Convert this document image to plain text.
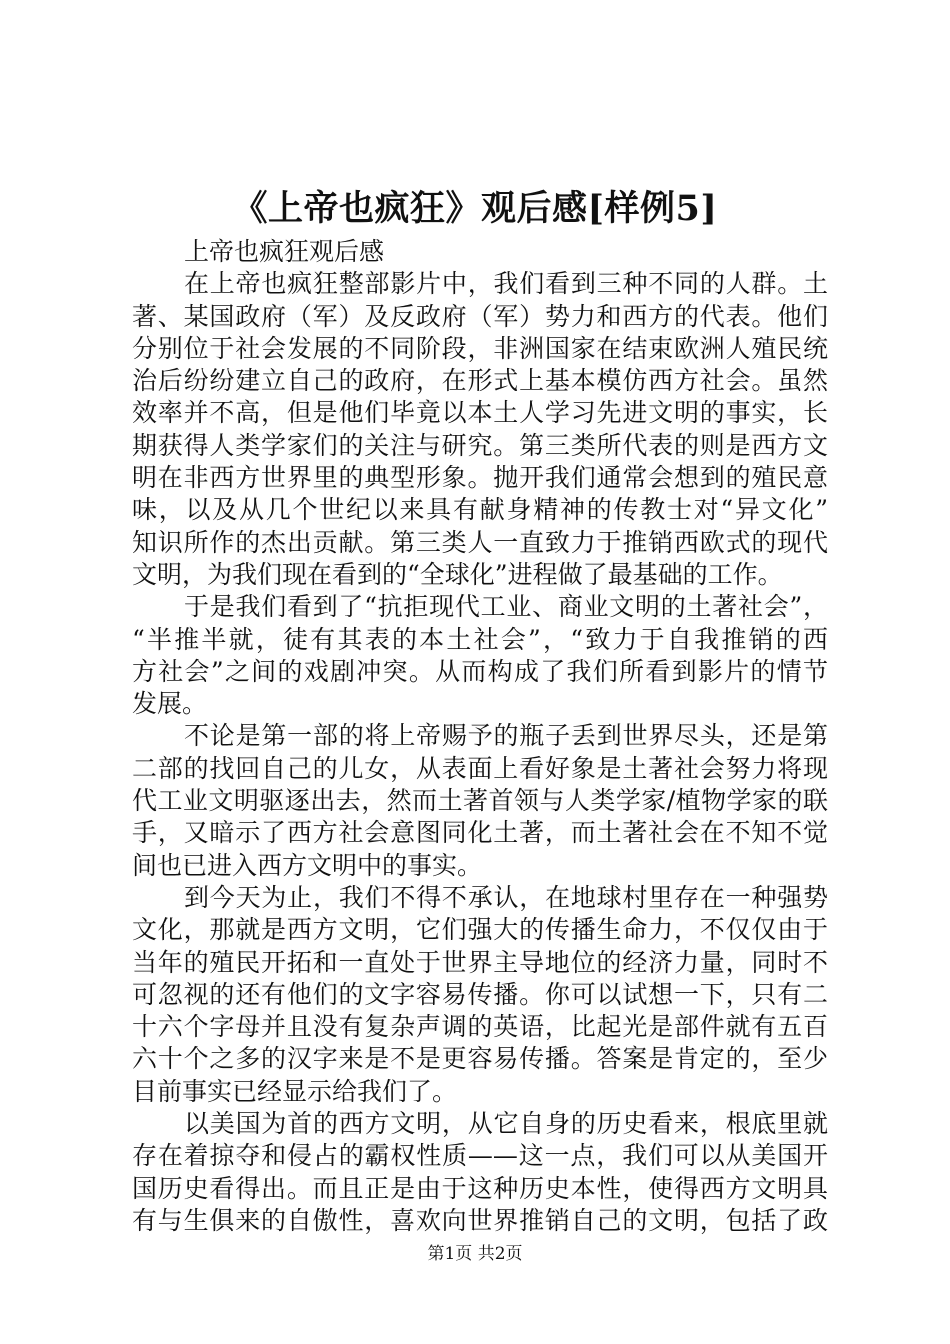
《上帝也疯狂》观后感[样例5]
上帝也疯狂观后感
在上帝也疯狂整部影片中，我们看到三种不同的人群。土
著、某国政府（军）及反政府（军）势力和西方的代表。他们
分别位于社会发展的不同阶段，非洲国家在结束欧洲人殖民统
治后纷纷建立自己的政府，在形式上基本模仿西方社会。虽然
效率并不高，但是他们毕竟以本土人学习先进文明的事实，长
期获得人类学家们的关注与研究。第三类所代表的则是西方文
明在非西方世界里的典型形象。抛开我们通常会想到的殖民意
味，以及从几个世纪以来具有献身精神的传教士对“异文化”
知识所作的杰出贡献。第三类人一直致力于推销西欧式的现代
文明，为我们现在看到的“全球化”进程做了最基础的工作。
于是我们看到了“抗拒现代工业、商业文明的土著社会”，
“半推半就，徒有其表的本土社会”，“致力于自我推销的西
方社会”之间的戏剧冲突。从而构成了我们所看到影片的情节
发展。
不论是第一部的将上帝赐予的瓶子丢到世界尽头，还是第
二部的找回自己的儿女，从表面上看好象是土著社会努力将现
代工业文明驱逐出去，然而土著首领与人类学家/植物学家的联
手，又暗示了西方社会意图同化土著，而土著社会在不知不觉
间也已进入西方文明中的事实。
到今天为止，我们不得不承认，在地球村里存在一种强势
文化，那就是西方文明，它们强大的传播生命力，不仅仅由于
当年的殖民开拓和一直处于世界主导地位的经济力量，同时不
可忽视的还有他们的文字容易传播。你可以试想一下，只有二
十六个字母并且没有复杂声调的英语，比起光是部件就有五百
六十个之多的汉字来是不是更容易传播。答案是肯定的，至少
目前事实已经显示给我们了。
以美国为首的西方文明，从它自身的历史看来，根底里就
存在着掠夺和侵占的霸权性质——这一点，我们可以从美国开
国历史看得出。而且正是由于这种历史本性，使得西方文明具
有与生俱来的自傲性，喜欢向世界推销自己的文明，包括了政
第1页 共2页
